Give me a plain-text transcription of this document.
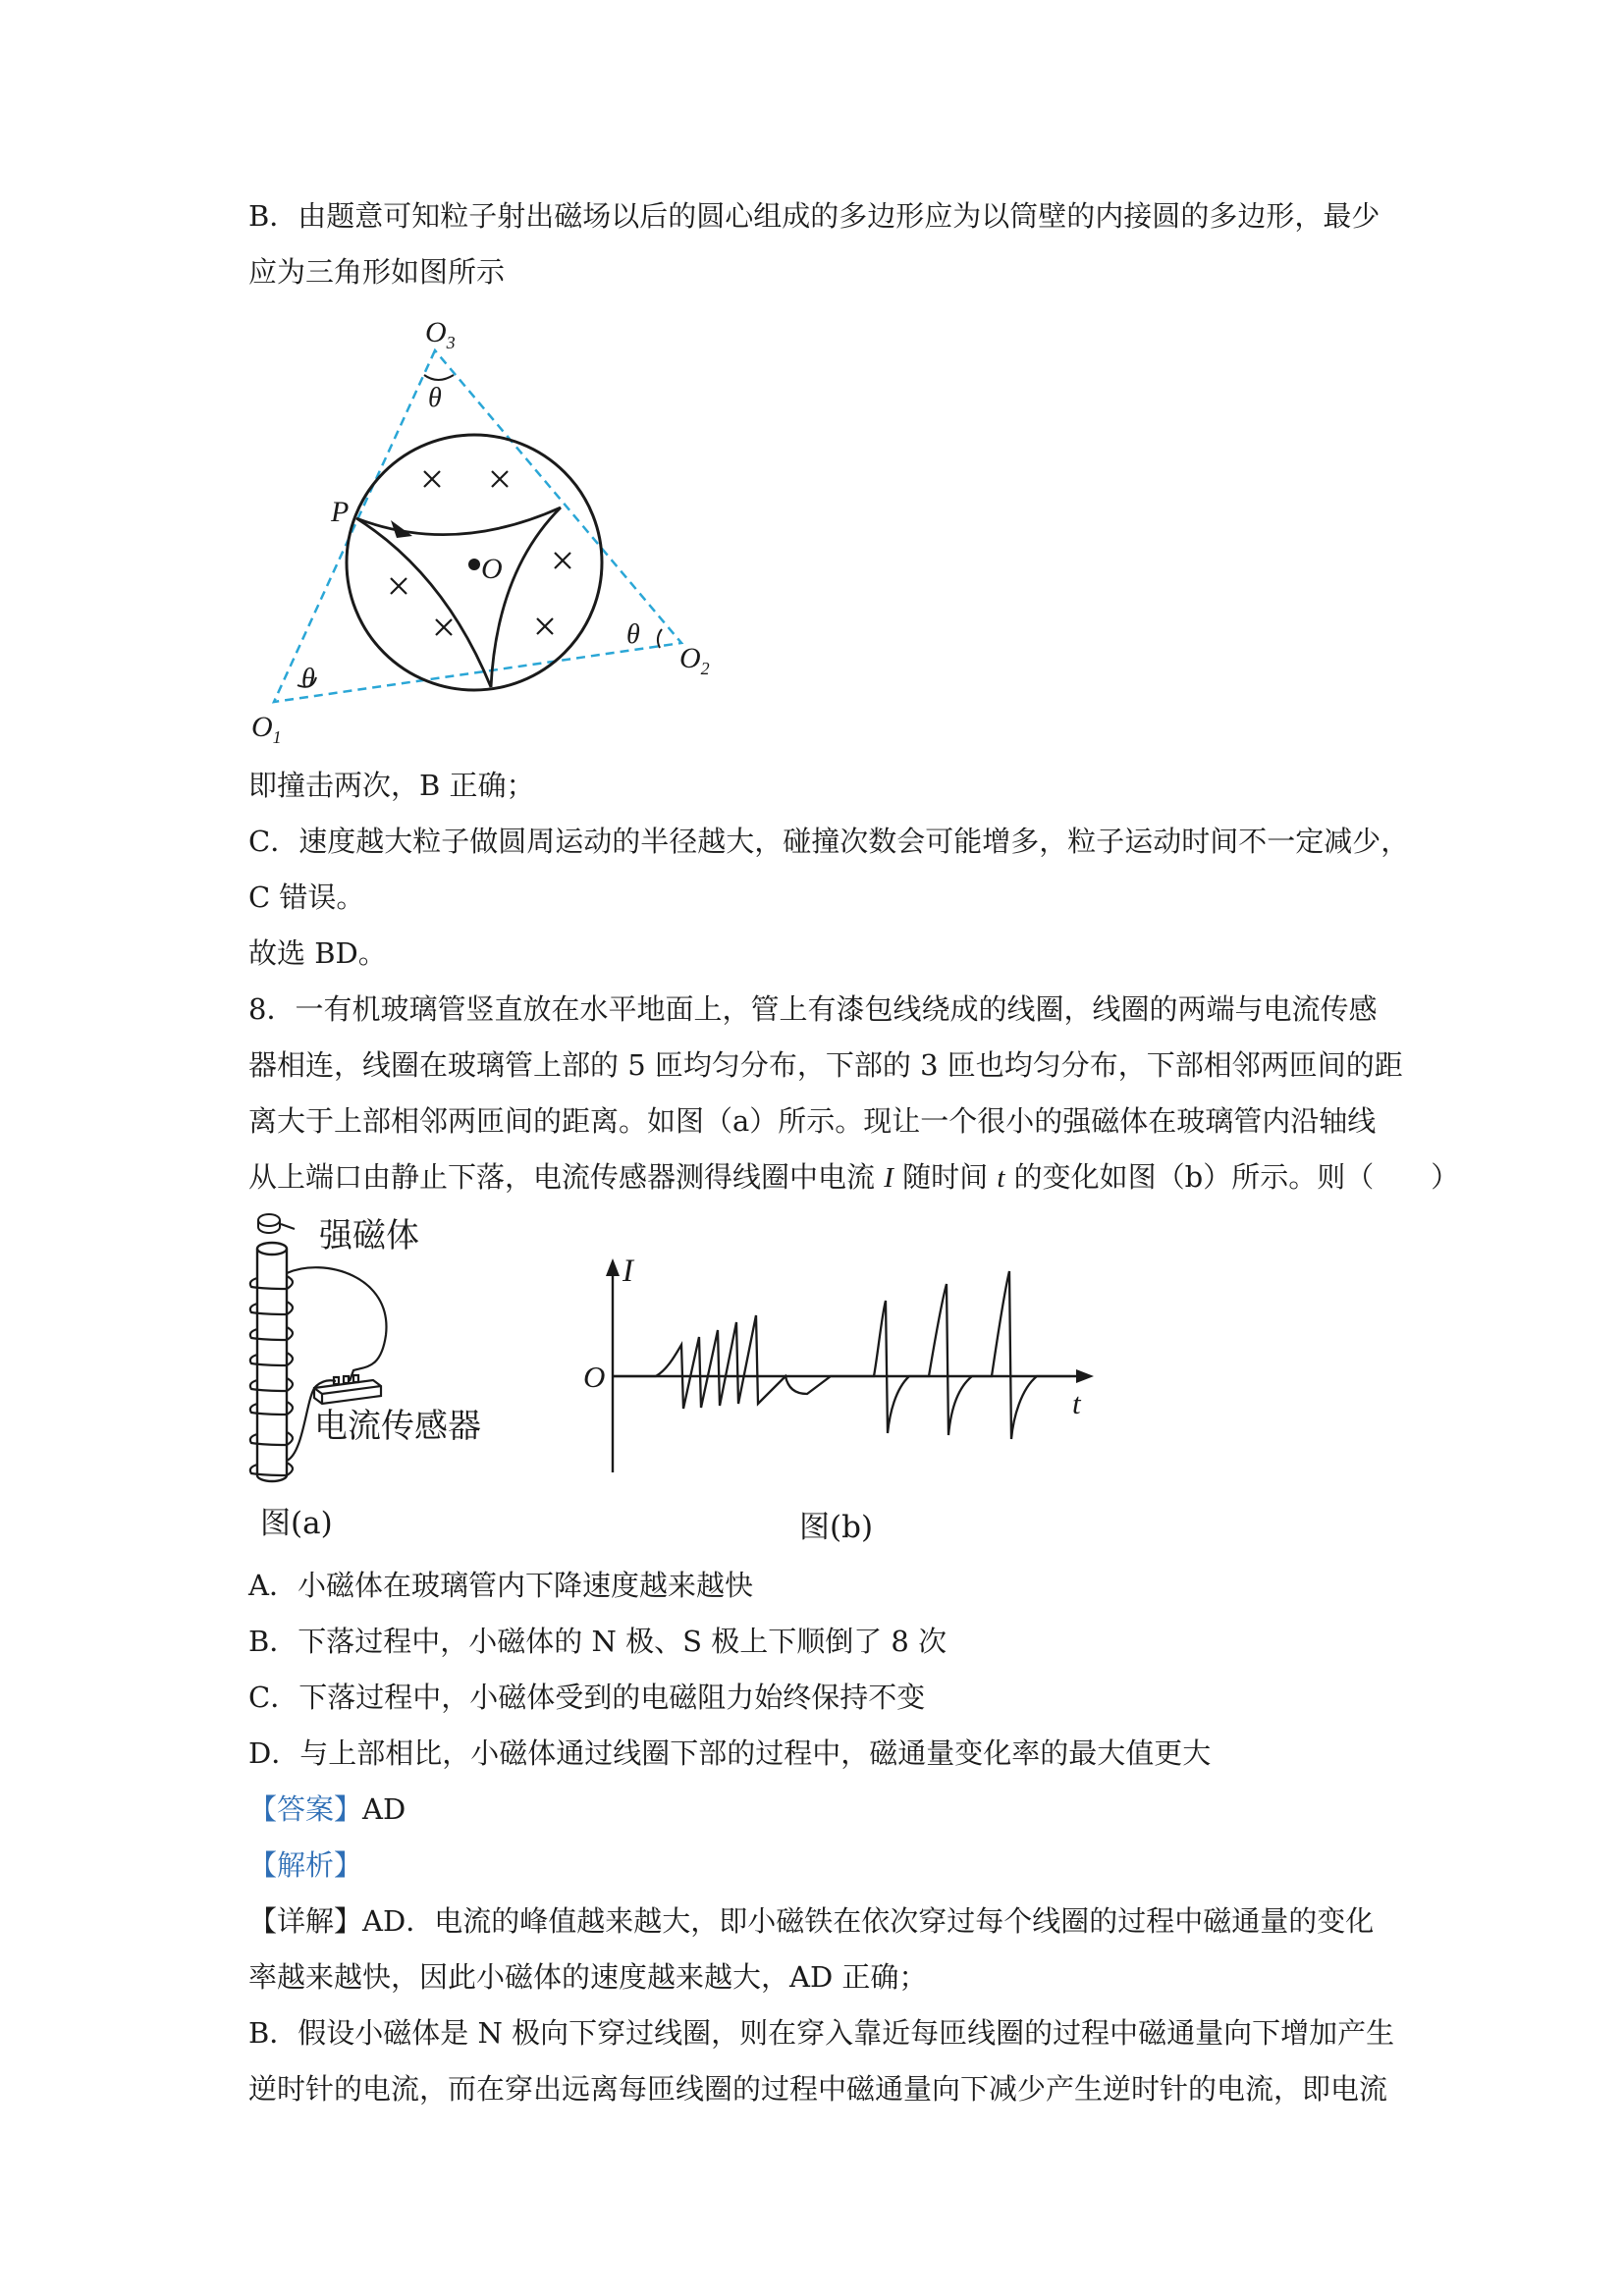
B．由题意可知粒子射出磁场以后的圆心组成的多边形应为以筒壁的内接圆的多边形，最少

应为三角形如图所示

$O_3$
θ
P
O
θ
$O_2$
θ
$O_1$

即撞击两次，B 正确；

C．速度越大粒子做圆周运动的半径越大，碰撞次数会可能增多，粒子运动时间不一定减少，

C 错误。

故选 BD。

8．一有机玻璃管竖直放在水平地面上，管上有漆包线绕成的线圈，线圈的两端与电流传感

器相连，线圈在玻璃管上部的 5 匝均匀分布，下部的 3 匝也均匀分布，下部相邻两匝间的距

离大于上部相邻两匝间的距离。如图（a）所示。现让一个很小的强磁体在玻璃管内沿轴线

从上端口由静止下落，电流传感器测得线圈中电流 I 随时间 t 的变化如图（b）所示。则（　　）

强磁体
电流传感器
图(a)
I
O
t
图(b)

A．小磁体在玻璃管内下降速度越来越快

B．下落过程中，小磁体的 N 极、S 极上下顺倒了 8 次

C．下落过程中，小磁体受到的电磁阻力始终保持不变

D．与上部相比，小磁体通过线圈下部的过程中，磁通量变化率的最大值更大

【答案】AD

【解析】

【详解】AD．电流的峰值越来越大，即小磁铁在依次穿过每个线圈的过程中磁通量的变化

率越来越快，因此小磁体的速度越来越大，AD 正确；

B．假设小磁体是 N 极向下穿过线圈，则在穿入靠近每匝线圈的过程中磁通量向下增加产生

逆时针的电流，而在穿出远离每匝线圈的过程中磁通量向下减少产生逆时针的电流，即电流
